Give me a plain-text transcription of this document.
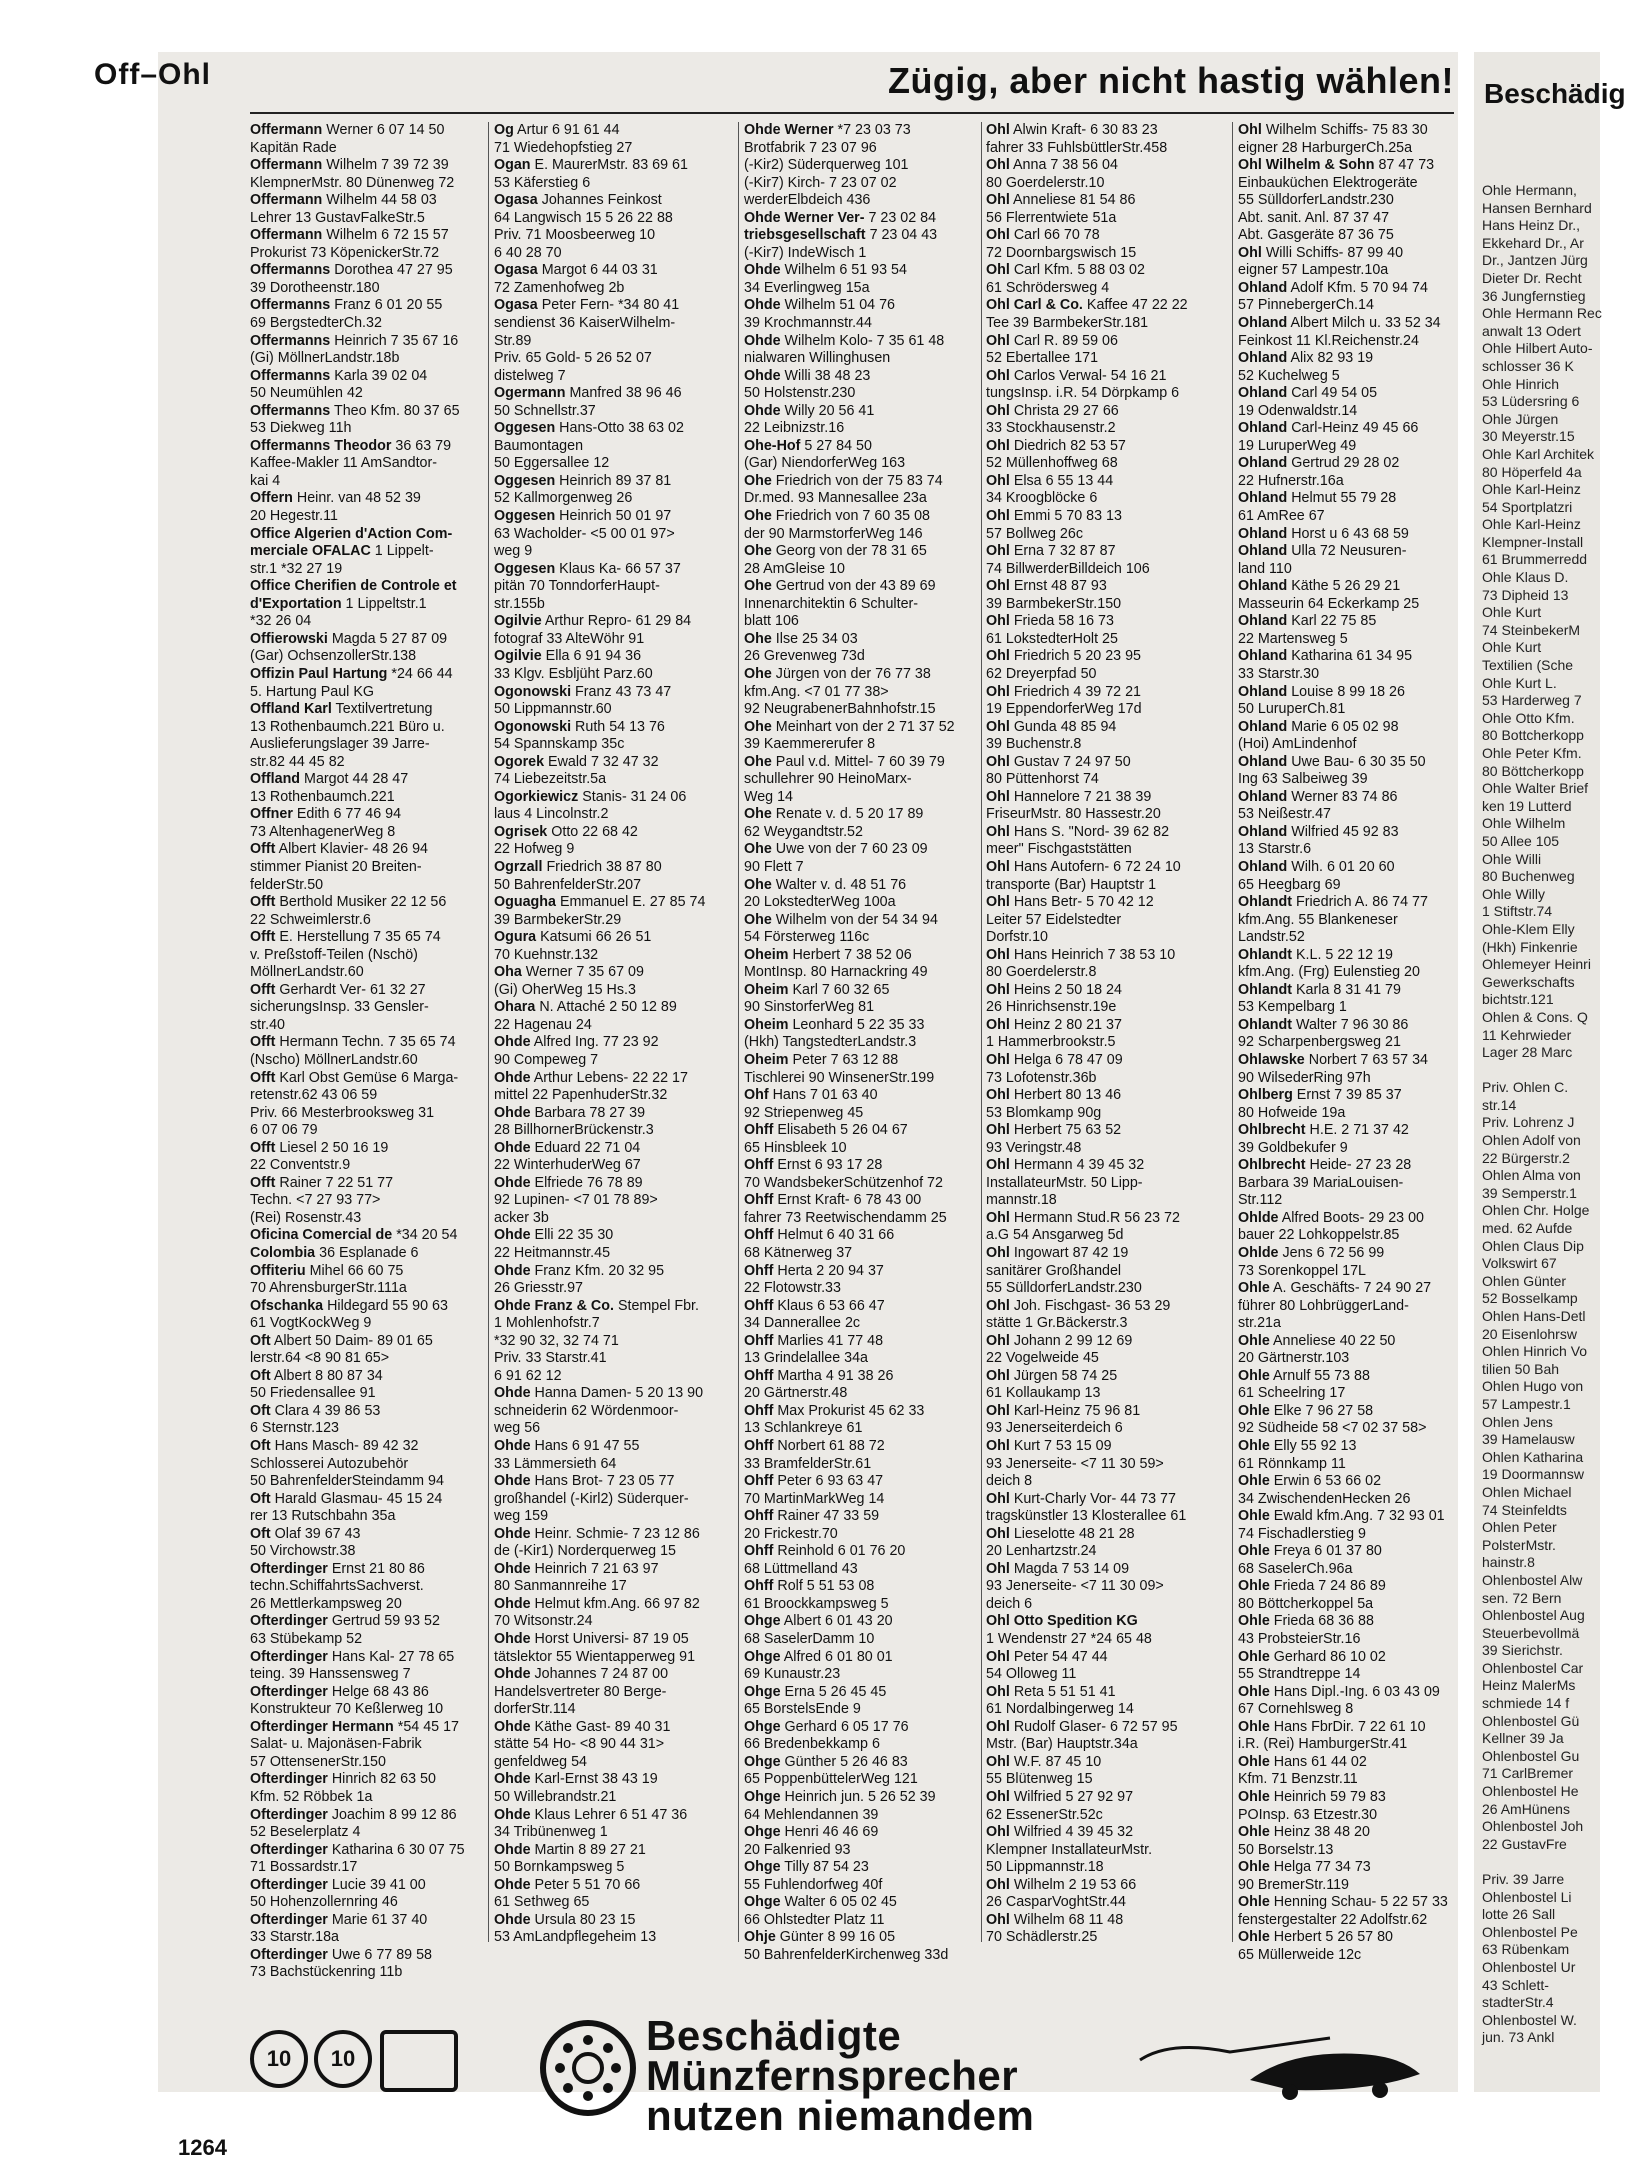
Off–Ohl	Zügig, aber nicht hastig wählen!
Offermann Werner 6 07 14 50
Kapitän Rade
Offermann Wilhelm 7 39 72 39
KlempnerMstr. 80 Dünenweg 72
Offermann Wilhelm 44 58 03
Lehrer 13 GustavFalkeStr.5
Offermann Wilhelm 6 72 15 57
Prokurist 73 KöpenickerStr.72
Offermanns Dorothea 47 27 95
39 Dorotheenstr.180
Offermanns Franz 6 01 20 55
69 BergstedterCh.32
Offermanns Heinrich 7 35 67 16
(Gi) MöllnerLandstr.18b
Offermanns Karla 39 02 04
50 Neumühlen 42
Offermanns Theo Kfm. 80 37 65
53 Diekweg 11h
Offermanns Theodor 36 63 79
Kaffee-Makler 11 AmSandtor-
kai 4
Offern Heinr. van 48 52 39
20 Hegestr.11
Office Algerien d'Action Com-
merciale OFALAC 1 Lippelt-
str.1 *32 27 19
Office Cherifien de Controle et
d'Exportation 1 Lippeltstr.1
*32 26 04
Offierowski Magda 5 27 87 09
(Gar) OchsenzollerStr.138
Offizin Paul Hartung *24 66 44
5. Hartung Paul KG
Offland Karl Textilvertretung
13 Rothenbaumch.221 Büro u.
Auslieferungslager 39 Jarre-
str.82 44 45 82
Offland Margot 44 28 47
13 Rothenbaumch.221
Offner Edith 6 77 46 94
73 AltenhagenerWeg 8
Offt Albert Klavier- 48 26 94
stimmer Pianist 20 Breiten-
felderStr.50
Offt Berthold Musiker 22 12 56
22 Schweimlerstr.6
Offt E. Herstellung 7 35 65 74
v. Preßstoff-Teilen (Nschö)
MöllnerLandstr.60
Offt Gerhardt Ver- 61 32 27
sicherungsInsp. 33 Gensler-
str.40
Offt Hermann Techn. 7 35 65 74
(Nscho) MöllnerLandstr.60
Offt Karl Obst Gemüse 6 Marga-
retenstr.62 43 06 59
Priv. 66 Mesterbrooksweg 31
6 07 06 79
Offt Liesel 2 50 16 19
22 Conventstr.9
Offt Rainer 7 22 51 77
Techn. <7 27 93 77>
(Rei) Rosenstr.43
Oficina Comercial de *34 20 54
Colombia 36 Esplanade 6
Offiteriu Mihel 66 60 75
70 AhrensburgerStr.111a
Ofschanka Hildegard 55 90 63
61 VogtKockWeg 9
Oft Albert 50 Daim- 89 01 65
lerstr.64 <8 90 81 65>
Oft Albert 8 80 87 34
50 Friedensallee 91
Oft Clara 4 39 86 53
6 Sternstr.123
Oft Hans Masch- 89 42 32
Schlosserei Autozubehör
50 BahrenfelderSteindamm 94
Oft Harald Glasmau- 45 15 24
rer 13 Rutschbahn 35a
Oft Olaf 39 67 43
50 Virchowstr.38
Ofterdinger Ernst 21 80 86
techn.SchiffahrtsSachverst.
26 Mettlerkampsweg 20
Ofterdinger Gertrud 59 93 52
63 Stübekamp 52
Ofterdinger Hans Kal- 27 78 65
teing. 39 Hanssensweg 7
Ofterdinger Helge 68 43 86
Konstrukteur 70 Keßlerweg 10
Ofterdinger Hermann *54 45 17
Salat- u. Majonäsen-Fabrik
57 OttensenerStr.150
Ofterdinger Hinrich 82 63 50
Kfm. 52 Röbbek 1a
Ofterdinger Joachim 8 99 12 86
52 Beselerplatz 4
Ofterdinger Katharina 6 30 07 75
71 Bossardstr.17
Ofterdinger Lucie 39 41 00
50 Hohenzollernring 46
Ofterdinger Marie 61 37 40
33 Starstr.18a
Ofterdinger Uwe 6 77 89 58
73 Bachstückenring 11b
Og Artur 6 91 61 44
71 Wiedehopfstieg 27
Ogan E. MaurerMstr. 83 69 61
53 Käferstieg 6
Ogasa Johannes Feinkost
64 Langwisch 15 5 26 22 88
Priv. 71 Moosbeerweg 10
6 40 28 70
Ogasa Margot 6 44 03 31
72 Zamenhofweg 2b
Ogasa Peter Fern- *34 80 41
sendienst 36 KaiserWilhelm-
Str.89
Priv. 65 Gold- 5 26 52 07
distelweg 7
Ogermann Manfred 38 96 46
50 Schnellstr.37
Oggesen Hans-Otto 38 63 02
Baumontagen
50 Eggersallee 12
Oggesen Heinrich 89 37 81
52 Kallmorgenweg 26
Oggesen Heinrich 50 01 97
63 Wacholder- <5 00 01 97>
weg 9
Oggesen Klaus Ka- 66 57 37
pitän 70 TonndorferHaupt-
str.155b
Ogilvie Arthur Repro- 61 29 84
fotograf 33 AlteWöhr 91
Ogilvie Ella 6 91 94 36
33 Klgv. Esbljüht Parz.60
Ogonowski Franz 43 73 47
50 Lippmannstr.60
Ogonowski Ruth 54 13 76
54 Spannskamp 35c
Ogorek Ewald 7 32 47 32
74 Liebezeitstr.5a
Ogorkiewicz Stanis- 31 24 06
laus 4 Lincolnstr.2
Ogrisek Otto 22 68 42
22 Hofweg 9
Ogrzall Friedrich 38 87 80
50 BahrenfelderStr.207
Oguagha Emmanuel E. 27 85 74
39 BarmbekerStr.29
Ogura Katsumi 66 26 51
70 Kuehnstr.132
Oha Werner 7 35 67 09
(Gi) OherWeg 15 Hs.3
Ohara N. Attaché 2 50 12 89
22 Hagenau 24
Ohde Alfred Ing. 77 23 92
90 Compeweg 7
Ohde Arthur Lebens- 22 22 17
mittel 22 PapenhuderStr.32
Ohde Barbara 78 27 39
28 BillhornerBrückenstr.3
Ohde Eduard 22 71 04
22 WinterhuderWeg 67
Ohde Elfriede 76 78 89
92 Lupinen- <7 01 78 89>
acker 3b
Ohde Elli 22 35 30
22 Heitmannstr.45
Ohde Franz Kfm. 20 32 95
26 Griesstr.97
Ohde Franz & Co. Stempel Fbr.
1 Mohlenhofstr.7
*32 90 32, 32 74 71
Priv. 33 Starstr.41
6 91 62 12
Ohde Hanna Damen- 5 20 13 90
schneiderin 62 Wördenmoor-
weg 56
Ohde Hans 6 91 47 55
33 Lämmersieth 64
Ohde Hans Brot- 7 23 05 77
großhandel (-Kirl2) Süderquer-
weg 159
Ohde Heinr. Schmie- 7 23 12 86
de (-Kir1) Norderquerweg 15
Ohde Heinrich 7 21 63 97
80 Sanmannreihe 17
Ohde Helmut kfm.Ang. 66 97 82
70 Witsonstr.24
Ohde Horst Universi- 87 19 05
tätslektor 55 Wientapperweg 91
Ohde Johannes 7 24 87 00
Handelsvertreter 80 Berge-
dorferStr.114
Ohde Käthe Gast- 89 40 31
stätte 54 Ho- <8 90 44 31>
genfeldweg 54
Ohde Karl-Ernst 38 43 19
50 Willebrandstr.21
Ohde Klaus Lehrer 6 51 47 36
34 Tribünenweg 1
Ohde Martin 8 89 27 21
50 Bornkampsweg 5
Ohde Peter 5 51 70 66
61 Sethweg 65
Ohde Ursula 80 23 15
53 AmLandpflegeheim 13
Ohde Werner *7 23 03 73
Brotfabrik 7 23 07 96
(-Kir2) Süderquerweg 101
(-Kir7) Kirch- 7 23 07 02
werderElbdeich 436
Ohde Werner Ver- 7 23 02 84
triebsgesellschaft 7 23 04 43
(-Kir7) IndeWisch 1
Ohde Wilhelm 6 51 93 54
34 Everlingweg 15a
Ohde Wilhelm 51 04 76
39 Krochmannstr.44
Ohde Wilhelm Kolo- 7 35 61 48
nialwaren Willinghusen
Ohde Willi 38 48 23
50 Holstenstr.230
Ohde Willy 20 56 41
22 Leibnizstr.16
Ohe-Hof 5 27 84 50
(Gar) NiendorferWeg 163
Ohe Friedrich von der 75 83 74
Dr.med. 93 Mannesallee 23a
Ohe Friedrich von 7 60 35 08
der 90 MarmstorferWeg 146
Ohe Georg von der 78 31 65
28 AmGleise 10
Ohe Gertrud von der 43 89 69
Innenarchitektin 6 Schulter-
blatt 106
Ohe Ilse 25 34 03
26 Grevenweg 73d
Ohe Jürgen von der 76 77 38
kfm.Ang. <7 01 77 38>
92 NeugrabenerBahnhofstr.15
Ohe Meinhart von der 2 71 37 52
39 Kaemmererufer 8
Ohe Paul v.d. Mittel- 7 60 39 79
schullehrer 90 HeinoMarx-
Weg 14
Ohe Renate v. d. 5 20 17 89
62 Weygandtstr.52
Ohe Uwe von der 7 60 23 09
90 Flett 7
Ohe Walter v. d. 48 51 76
20 LokstedterWeg 100a
Ohe Wilhelm von der 54 34 94
54 Försterweg 116c
Oheim Herbert 7 38 52 06
MontInsp. 80 Harnackring 49
Oheim Karl 7 60 32 65
90 SinstorferWeg 81
Oheim Leonhard 5 22 35 33
(Hkh) TangstedterLandstr.3
Oheim Peter 7 63 12 88
Tischlerei 90 WinsenerStr.199
Ohf Hans 7 01 63 40
92 Striepenweg 45
Ohff Elisabeth 5 26 04 67
65 Hinsbleek 10
Ohff Ernst 6 93 17 28
70 WandsbekerSchützenhof 72
Ohff Ernst Kraft- 6 78 43 00
fahrer 73 Reetwischendamm 25
Ohff Helmut 6 40 31 66
68 Kätnerweg 37
Ohff Herta 2 20 94 37
22 Flotowstr.33
Ohff Klaus 6 53 66 47
34 Dannerallee 2c
Ohff Marlies 41 77 48
13 Grindelallee 34a
Ohff Martha 4 91 38 26
20 Gärtnerstr.48
Ohff Max Prokurist 45 62 33
13 Schlankreye 61
Ohff Norbert 61 88 72
33 BramfelderStr.61
Ohff Peter 6 93 63 47
70 MartinMarkWeg 14
Ohff Rainer 47 33 59
20 Frickestr.70
Ohff Reinhold 6 01 76 20
68 Lüttmelland 43
Ohff Rolf 5 51 53 08
61 Broockkampsweg 5
Ohge Albert 6 01 43 20
68 SaselerDamm 10
Ohge Alfred 6 01 80 01
69 Kunaustr.23
Ohge Erna 5 26 45 45
65 BorstelsEnde 9
Ohge Gerhard 6 05 17 76
66 Bredenbekkamp 6
Ohge Günther 5 26 46 83
65 PoppenbüttelerWeg 121
Ohge Heinrich jun. 5 26 52 39
64 Mehlendannen 39
Ohge Henri 46 46 69
20 Falkenried 93
Ohge Tilly 87 54 23
55 Fuhlendorfweg 40f
Ohge Walter 6 05 02 45
66 Ohlstedter Platz 11
Ohje Günter 8 99 16 05
50 BahrenfelderKirchenweg 33d
Ohl Alwin Kraft- 6 30 83 23
fahrer 33 FuhlsbüttlerStr.458
Ohl Anna 7 38 56 04
80 Goerdelerstr.10
Ohl Anneliese 81 54 86
56 Flerrentwiete 51a
Ohl Carl 66 70 78
72 Doornbargswisch 15
Ohl Carl Kfm. 5 88 03 02
61 Schrödersweg 4
Ohl Carl & Co. Kaffee 47 22 22
Tee 39 BarmbekerStr.181
Ohl Carl R. 89 59 06
52 Ebertallee 171
Ohl Carlos Verwal- 54 16 21
tungsInsp. i.R. 54 Dörpkamp 6
Ohl Christa 29 27 66
33 Stockhausenstr.2
Ohl Diedrich 82 53 57
52 Müllenhoffweg 68
Ohl Elsa 6 55 13 44
34 Kroogblöcke 6
Ohl Emmi 5 70 83 13
57 Bollweg 26c
Ohl Erna 7 32 87 87
74 BillwerderBilldeich 106
Ohl Ernst 48 87 93
39 BarmbekerStr.150
Ohl Frieda 58 16 73
61 LokstedterHolt 25
Ohl Friedrich 5 20 23 95
62 Dreyerpfad 50
Ohl Friedrich 4 39 72 21
19 EppendorferWeg 17d
Ohl Gunda 48 85 94
39 Buchenstr.8
Ohl Gustav 7 24 97 50
80 Püttenhorst 74
Ohl Hannelore 7 21 38 39
FriseurMstr. 80 Hassestr.20
Ohl Hans S. "Nord- 39 62 82
meer" Fischgaststätten
Ohl Hans Autofern- 6 72 24 10
transporte (Bar) Hauptstr 1
Ohl Hans Betr- 5 70 42 12
Leiter 57 Eidelstedter
Dorfstr.10
Ohl Hans Heinrich 7 38 53 10
80 Goerdelerstr.8
Ohl Heins 2 50 18 24
26 Hinrichsenstr.19e
Ohl Heinz 2 80 21 37
1 Hammerbrookstr.5
Ohl Helga 6 78 47 09
73 Lofotenstr.36b
Ohl Herbert 80 13 46
53 Blomkamp 90g
Ohl Herbert 75 63 52
93 Veringstr.48
Ohl Hermann 4 39 45 32
InstallateurMstr. 50 Lipp-
mannstr.18
Ohl Hermann Stud.R 56 23 72
a.G 54 Ansgarweg 5d
Ohl Ingowart 87 42 19
sanitärer Großhandel
55 SülldorferLandstr.230
Ohl Joh. Fischgast- 36 53 29
stätte 1 Gr.Bäckerstr.3
Ohl Johann 2 99 12 69
22 Vogelweide 45
Ohl Jürgen 58 74 25
61 Kollaukamp 13
Ohl Karl-Heinz 75 96 81
93 Jenerseiterdeich 6
Ohl Kurt 7 53 15 09
93 Jenerseite- <7 11 30 59>
deich 8
Ohl Kurt-Charly Vor- 44 73 77
tragskünstler 13 Klosterallee 61
Ohl Lieselotte 48 21 28
20 Lenhartzstr.24
Ohl Magda 7 53 14 09
93 Jenerseite- <7 11 30 09>
deich 6
Ohl Otto Spedition KG
1 Wendenstr 27 *24 65 48
Ohl Peter 54 47 44
54 Olloweg 11
Ohl Reta 5 51 51 41
61 Nordalbingerweg 14
Ohl Rudolf Glaser- 6 72 57 95
Mstr. (Bar) Hauptstr.34a
Ohl W.F. 87 45 10
55 Blütenweg 15
Ohl Wilfried 5 27 92 97
62 EssenerStr.52c
Ohl Wilfried 4 39 45 32
Klempner InstallateurMstr.
50 Lippmannstr.18
Ohl Wilhelm 2 19 53 66
26 CasparVoghtStr.44
Ohl Wilhelm 68 11 48
70 Schädlerstr.25
Ohl Wilhelm Schiffs- 75 83 30
eigner 28 HarburgerCh.25a
Ohl Wilhelm & Sohn 87 47 73
Einbauküchen Elektrogeräte
55 SülldorferLandstr.230
Abt. sanit. Anl. 87 37 47
Abt. Gasgeräte 87 36 75
Ohl Willi Schiffs- 87 99 40
eigner 57 Lampestr.10a
Ohland Adolf Kfm. 5 70 94 74
57 PinnebergerCh.14
Ohland Albert Milch u. 33 52 34
Feinkost 11 Kl.Reichenstr.24
Ohland Alix 82 93 19
52 Kuchelweg 5
Ohland Carl 49 54 05
19 Odenwaldstr.14
Ohland Carl-Heinz 49 45 66
19 LuruperWeg 49
Ohland Gertrud 29 28 02
22 Hufnerstr.16a
Ohland Helmut 55 79 28
61 AmRee 67
Ohland Horst u 6 43 68 59
Ohland Ulla 72 Neusuren-
land 110
Ohland Käthe 5 26 29 21
Masseurin 64 Eckerkamp 25
Ohland Karl 22 75 85
22 Martensweg 5
Ohland Katharina 61 34 95
33 Starstr.30
Ohland Louise 8 99 18 26
50 LuruperCh.81
Ohland Marie 6 05 02 98
(Hoi) AmLindenhof
Ohland Uwe Bau- 6 30 35 50
Ing 63 Salbeiweg 39
Ohland Werner 83 74 86
53 Neißestr.47
Ohland Wilfried 45 92 83
13 Starstr.6
Ohland Wilh. 6 01 20 60
65 Heegbarg 69
Ohlandt Friedrich A. 86 74 77
kfm.Ang. 55 Blankeneser
Landstr.52
Ohlandt K.L. 5 22 12 19
kfm.Ang. (Frg) Eulenstieg 20
Ohlandt Karla 8 31 41 79
53 Kempelbarg 1
Ohlandt Walter 7 96 30 86
92 Scharpenbergsweg 21
Ohlawske Norbert 7 63 57 34
90 WilsederRing 97h
Ohlberg Ernst 7 39 85 37
80 Hofweide 19a
Ohlbrecht H.E. 2 71 37 42
39 Goldbekufer 9
Ohlbrecht Heide- 27 23 28
Barbara 39 MariaLouisen-
Str.112
Ohlde Alfred Boots- 29 23 00
bauer 22 Lohkoppelstr.85
Ohlde Jens 6 72 56 99
73 Sorenkoppel 17L
Ohle A. Geschäfts- 7 24 90 27
führer 80 LohbrüggerLand-
str.21a
Ohle Anneliese 40 22 50
20 Gärtnerstr.103
Ohle Arnulf 55 73 88
61 Scheelring 17
Ohle Elke 7 96 27 58
92 Südheide 58 <7 02 37 58>
Ohle Elly 55 92 13
61 Rönnkamp 11
Ohle Erwin 6 53 66 02
34 ZwischendenHecken 26
Ohle Ewald kfm.Ang. 7 32 93 01
74 Fischadlerstieg 9
Ohle Freya 6 01 37 80
68 SaselerCh.96a
Ohle Frieda 7 24 86 89
80 Böttcherkoppel 5a
Ohle Frieda 68 36 88
43 ProbsteierStr.16
Ohle Gerhard 86 10 02
55 Strandtreppe 14
Ohle Hans Dipl.-Ing. 6 03 43 09
67 Cornehlsweg 8
Ohle Hans FbrDir. 7 22 61 10
i.R. (Rei) HamburgerStr.41
Ohle Hans 61 44 02
Kfm. 71 Benzstr.11
Ohle Heinrich 59 79 83
POInsp. 63 Etzestr.30
Ohle Heinz 38 48 20
50 Borselstr.13
Ohle Helga 77 34 73
90 BremerStr.119
Ohle Henning Schau- 5 22 57 33
fenstergestalter 22 Adolfstr.62
Ohle Herbert 5 26 57 80
65 Müllerweide 12c
Beschädig
Ohle Hermann,
Hansen Bernhard
Hans Heinz Dr.,
Ekkehard Dr., Ar
Dr., Jantzen Jürg
Dieter Dr. Recht
36 Jungfernstieg
Ohle Hermann Rec
anwalt 13 Odert
Ohle Hilbert Auto-
schlosser 36 K
Ohle Hinrich
53 Lüdersring 6
Ohle Jürgen
30 Meyerstr.15
Ohle Karl Architek
80 Höperfeld 4a
Ohle Karl-Heinz
54 Sportplatzri
Ohle Karl-Heinz
Klempner-Install
61 Brummerredd
Ohle Klaus D.
73 Dipheid 13
Ohle Kurt
74 SteinbekerM
Ohle Kurt
Textilien (Sche
Ohle Kurt L.
53 Harderweg 7
Ohle Otto Kfm.
80 Bottcherkopp
Ohle Peter Kfm.
80 Böttcherkopp
Ohle Walter Brief
ken 19 Lutterd
Ohle Wilhelm
50 Allee 105
Ohle Willi
80 Buchenweg
Ohle Willy
1 Stiftstr.74
Ohle-Klem Elly
(Hkh) Finkenrie
Ohlemeyer Heinri
Gewerkschafts
bichtstr.121
Ohlen & Cons. Q
11 Kehrwieder
Lager 28 Marc

Priv. Ohlen C.
str.14
Priv. Lohrenz J
Ohlen Adolf von
22 Bürgerstr.2
Ohlen Alma von
39 Semperstr.1
Ohlen Chr. Holge
med. 62 Aufde
Ohlen Claus Dip
Volkswirt 67
Ohlen Günter
52 Bosselkamp
Ohlen Hans-Detl
20 Eisenlohrsw
Ohlen Hinrich Vo
tilien 50 Bah
Ohlen Hugo von
57 Lampestr.1
Ohlen Jens
39 Hamelausw
Ohlen Katharina
19 Doormannsw
Ohlen Michael
74 Steinfeldts
Ohlen Peter
PolsterMstr.
hainstr.8
Ohlenbostel Alw
sen. 72 Bern
Ohlenbostel Aug
Steuerbevollmä
39 Sierichstr.
Ohlenbostel Car
Heinz MalerMs
schmiede 14 f
Ohlenbostel Gü
Kellner 39 Ja
Ohlenbostel Gu
71 CarlBremer
Ohlenbostel He
26 AmHünens
Ohlenbostel Joh
22 GustavFre

Priv. 39 Jarre
Ohlenbostel Li
lotte 26 Sall
Ohlenbostel Pe
63 Rübenkam
Ohlenbostel Ur
43 Schlett-
stadterStr.4
Ohlenbostel W.
jun. 73 Ankl
10	10	Beschädigte
Münzfernsprecher
nutzen niemandem
1264
